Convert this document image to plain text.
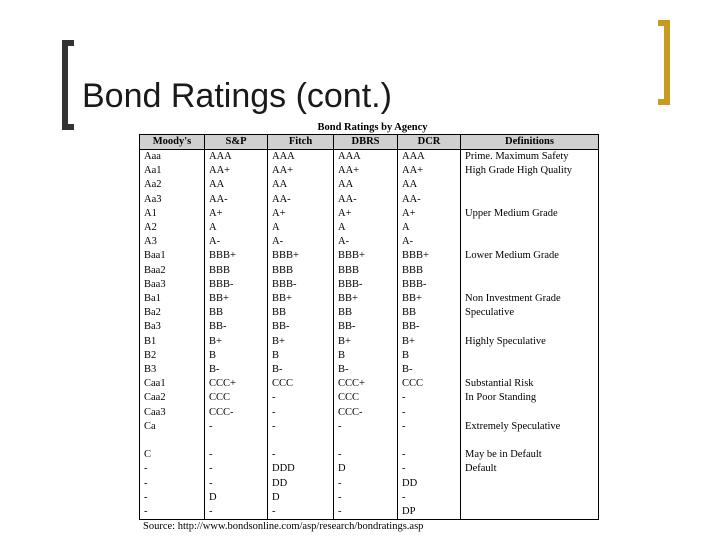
Bond Ratings (cont.)
Bond Ratings by Agency
Moody's	S&P	Fitch	DBRS	DCR	Definitions
Aaa	AAA	AAA	AAA	AAA	Prime. Maximum Safety
Aa1	AA+	AA+	AA+	AA+	High Grade High Quality
Aa2	AA	AA	AA	AA	
Aa3	AA-	AA-	AA-	AA-	
A1	A+	A+	A+	A+	Upper Medium Grade
A2	A	A	A	A	
A3	A-	A-	A-	A-	
Baa1	BBB+	BBB+	BBB+	BBB+	Lower Medium Grade
Baa2	BBB	BBB	BBB	BBB	
Baa3	BBB-	BBB-	BBB-	BBB-	
Ba1	BB+	BB+	BB+	BB+	Non Investment Grade
Ba2	BB	BB	BB	BB	Speculative
Ba3	BB-	BB-	BB-	BB-	
B1	B+	B+	B+	B+	Highly Speculative
B2	B	B	B	B	
B3	B-	B-	B-	B-	
Caa1	CCC+	CCC	CCC+	CCC	Substantial Risk
Caa2	CCC	-	CCC	-	In Poor Standing
Caa3	CCC-	-	CCC-	-	
Ca	-	-	-	-	Extremely Speculative

C	-	-	-	-	May be in Default
-	-	DDD	D	-	Default
-	-	DD	-	DD	
-	D	D	-	-	
-	-	-	-	DP	
Source: http://www.bondsonline.com/asp/research/bondratings.asp
